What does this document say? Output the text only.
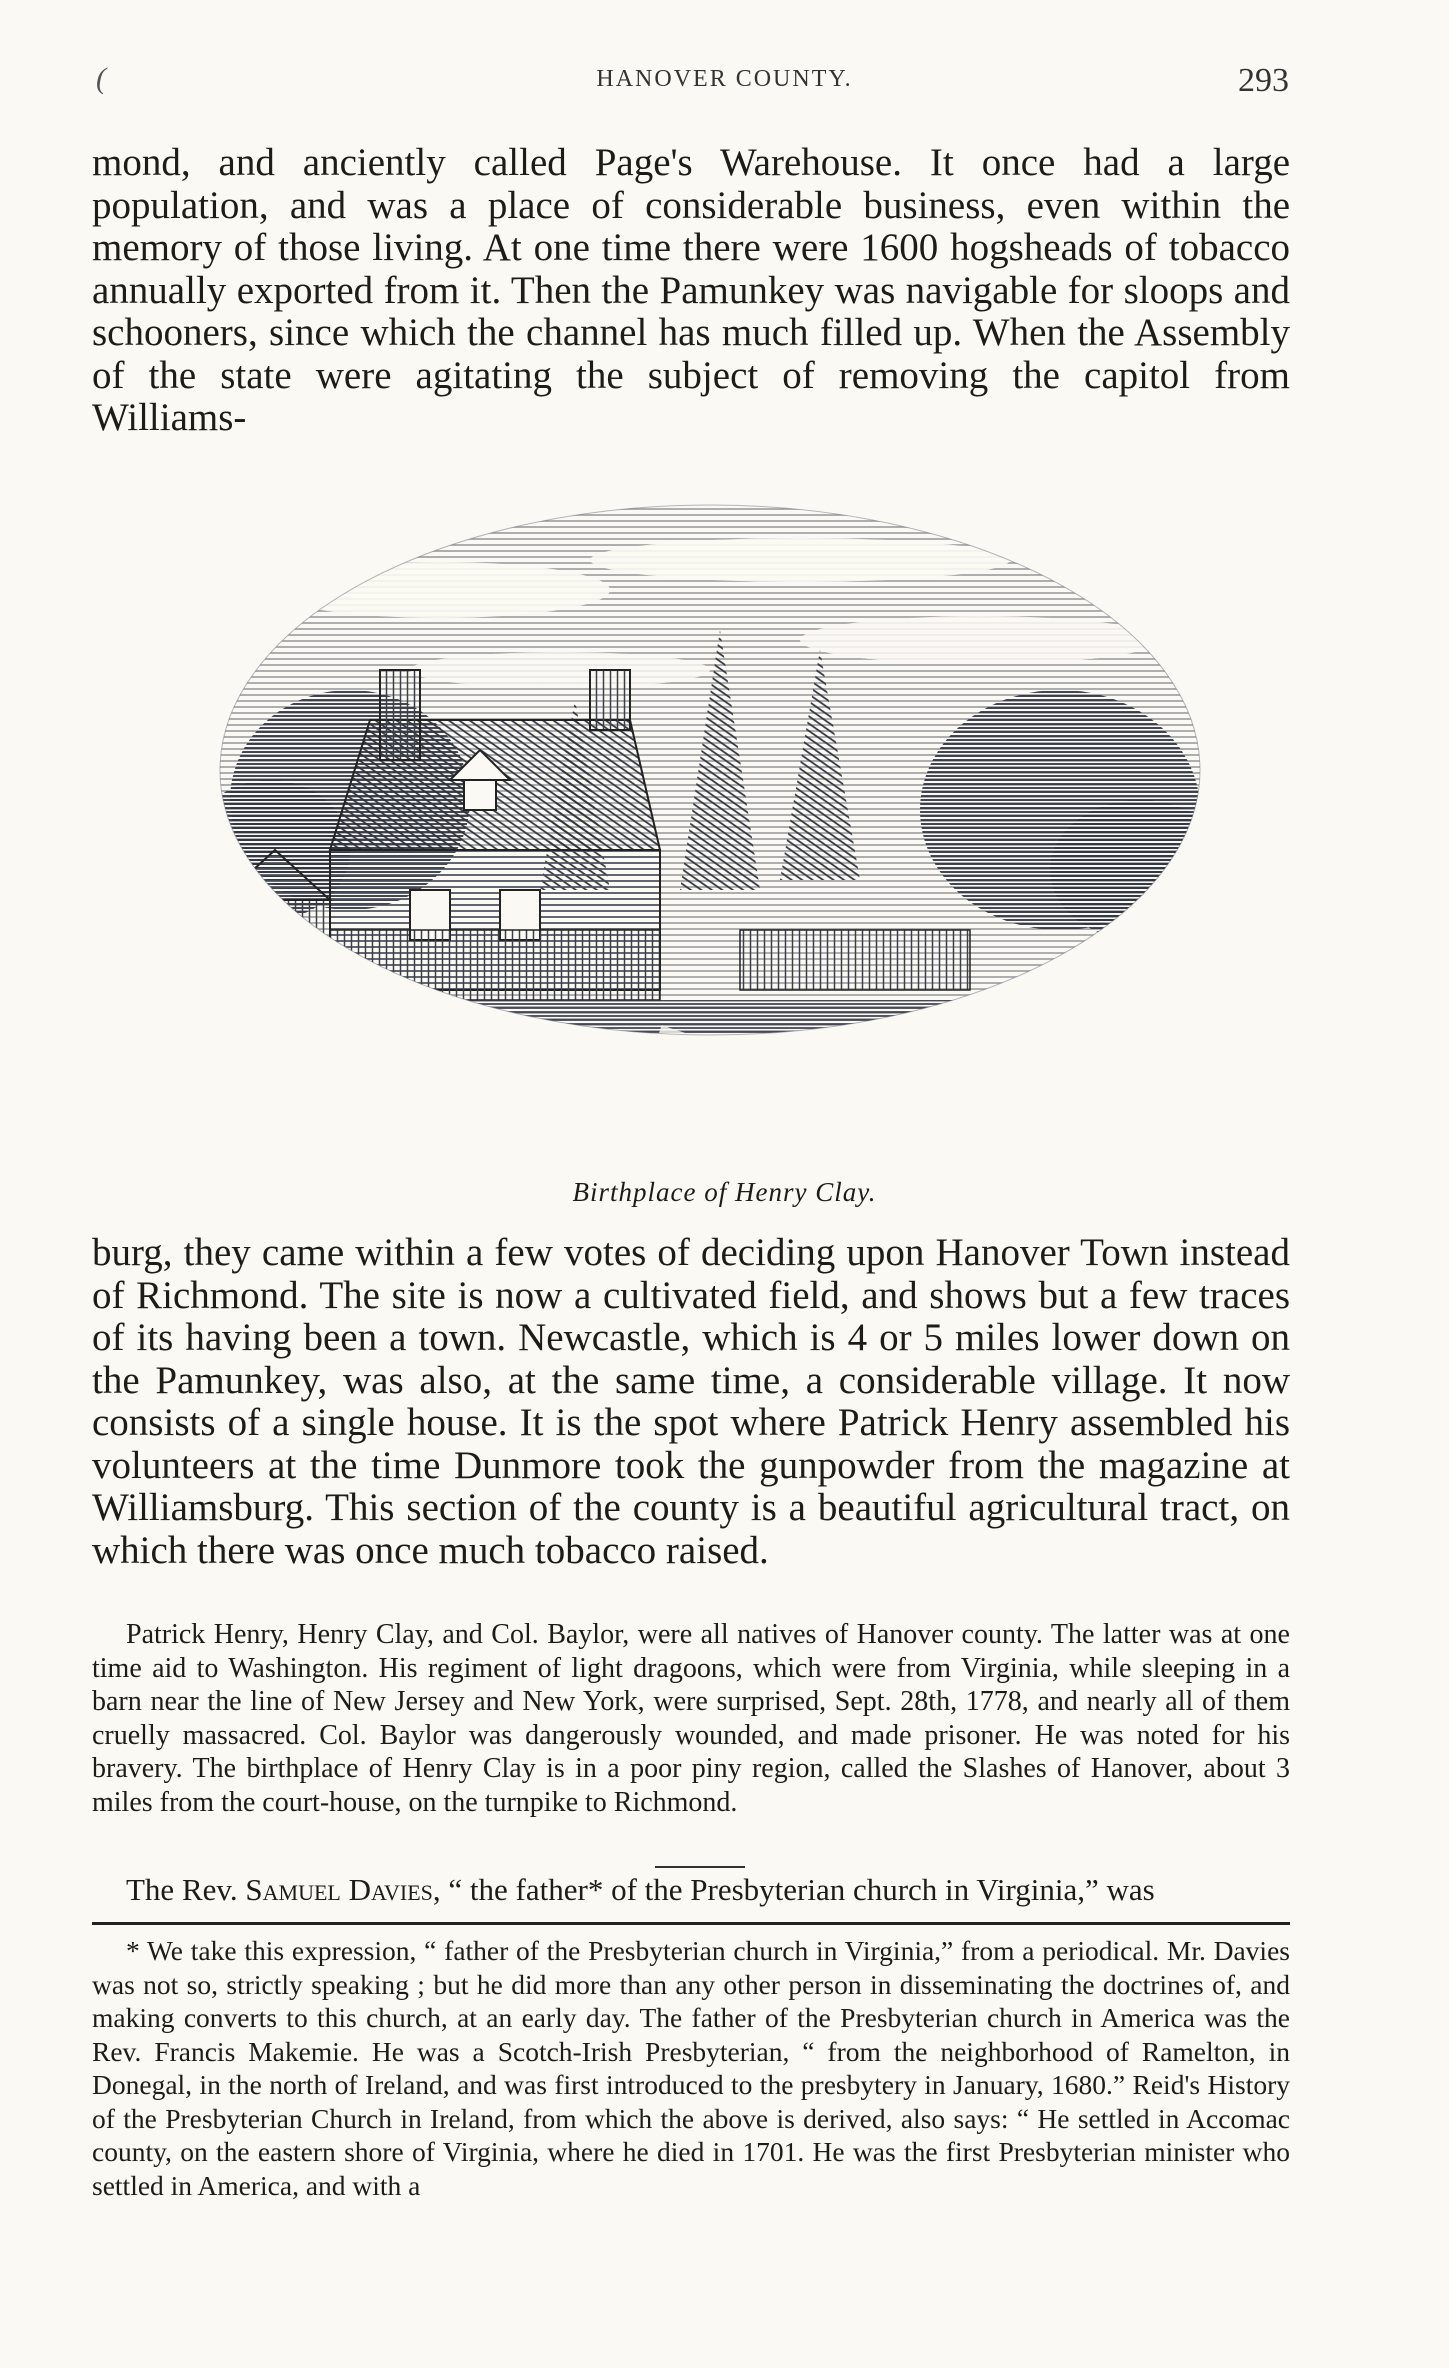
(	HANOVER COUNTY.	293

mond, and anciently called Page's Warehouse. It once had a large population, and was a place of considerable business, even within the memory of those living. At one time there were 1600 hogsheads of tobacco annually exported from it. Then the Pamunkey was navigable for sloops and schooners, since which the channel has much filled up. When the Assembly of the state were agitating the subject of removing the capitol from Williams-

Birthplace of Henry Clay.

burg, they came within a few votes of deciding upon Hanover Town instead of Richmond. The site is now a cultivated field, and shows but a few traces of its having been a town. Newcastle, which is 4 or 5 miles lower down on the Pamunkey, was also, at the same time, a considerable village. It now consists of a single house. It is the spot where Patrick Henry assembled his volunteers at the time Dunmore took the gunpowder from the magazine at Williamsburg. This section of the county is a beautiful agricultural tract, on which there was once much tobacco raised.

Patrick Henry, Henry Clay, and Col. Baylor, were all natives of Hanover county. The latter was at one time aid to Washington. His regiment of light dragoons, which were from Virginia, while sleeping in a barn near the line of New Jersey and New York, were surprised, Sept. 28th, 1778, and nearly all of them cruelly massacred. Col. Baylor was dangerously wounded, and made prisoner. He was noted for his bravery. The birthplace of Henry Clay is in a poor piny region, called the Slashes of Hanover, about 3 miles from the court-house, on the turnpike to Richmond.

The Rev. Samuel Davies, “ the father* of the Presbyterian church in Virginia,” was

* We take this expression, “ father of the Presbyterian church in Virginia,” from a periodical. Mr. Davies was not so, strictly speaking ; but he did more than any other person in disseminating the doctrines of, and making converts to this church, at an early day. The father of the Presbyterian church in America was the Rev. Francis Makemie. He was a Scotch-Irish Presbyterian, “ from the neighborhood of Ramelton, in Donegal, in the north of Ireland, and was first introduced to the presbytery in January, 1680.” Reid's History of the Presbyterian Church in Ireland, from which the above is derived, also says: “ He settled in Accomac county, on the eastern shore of Virginia, where he died in 1701. He was the first Presbyterian minister who settled in America, and with a
